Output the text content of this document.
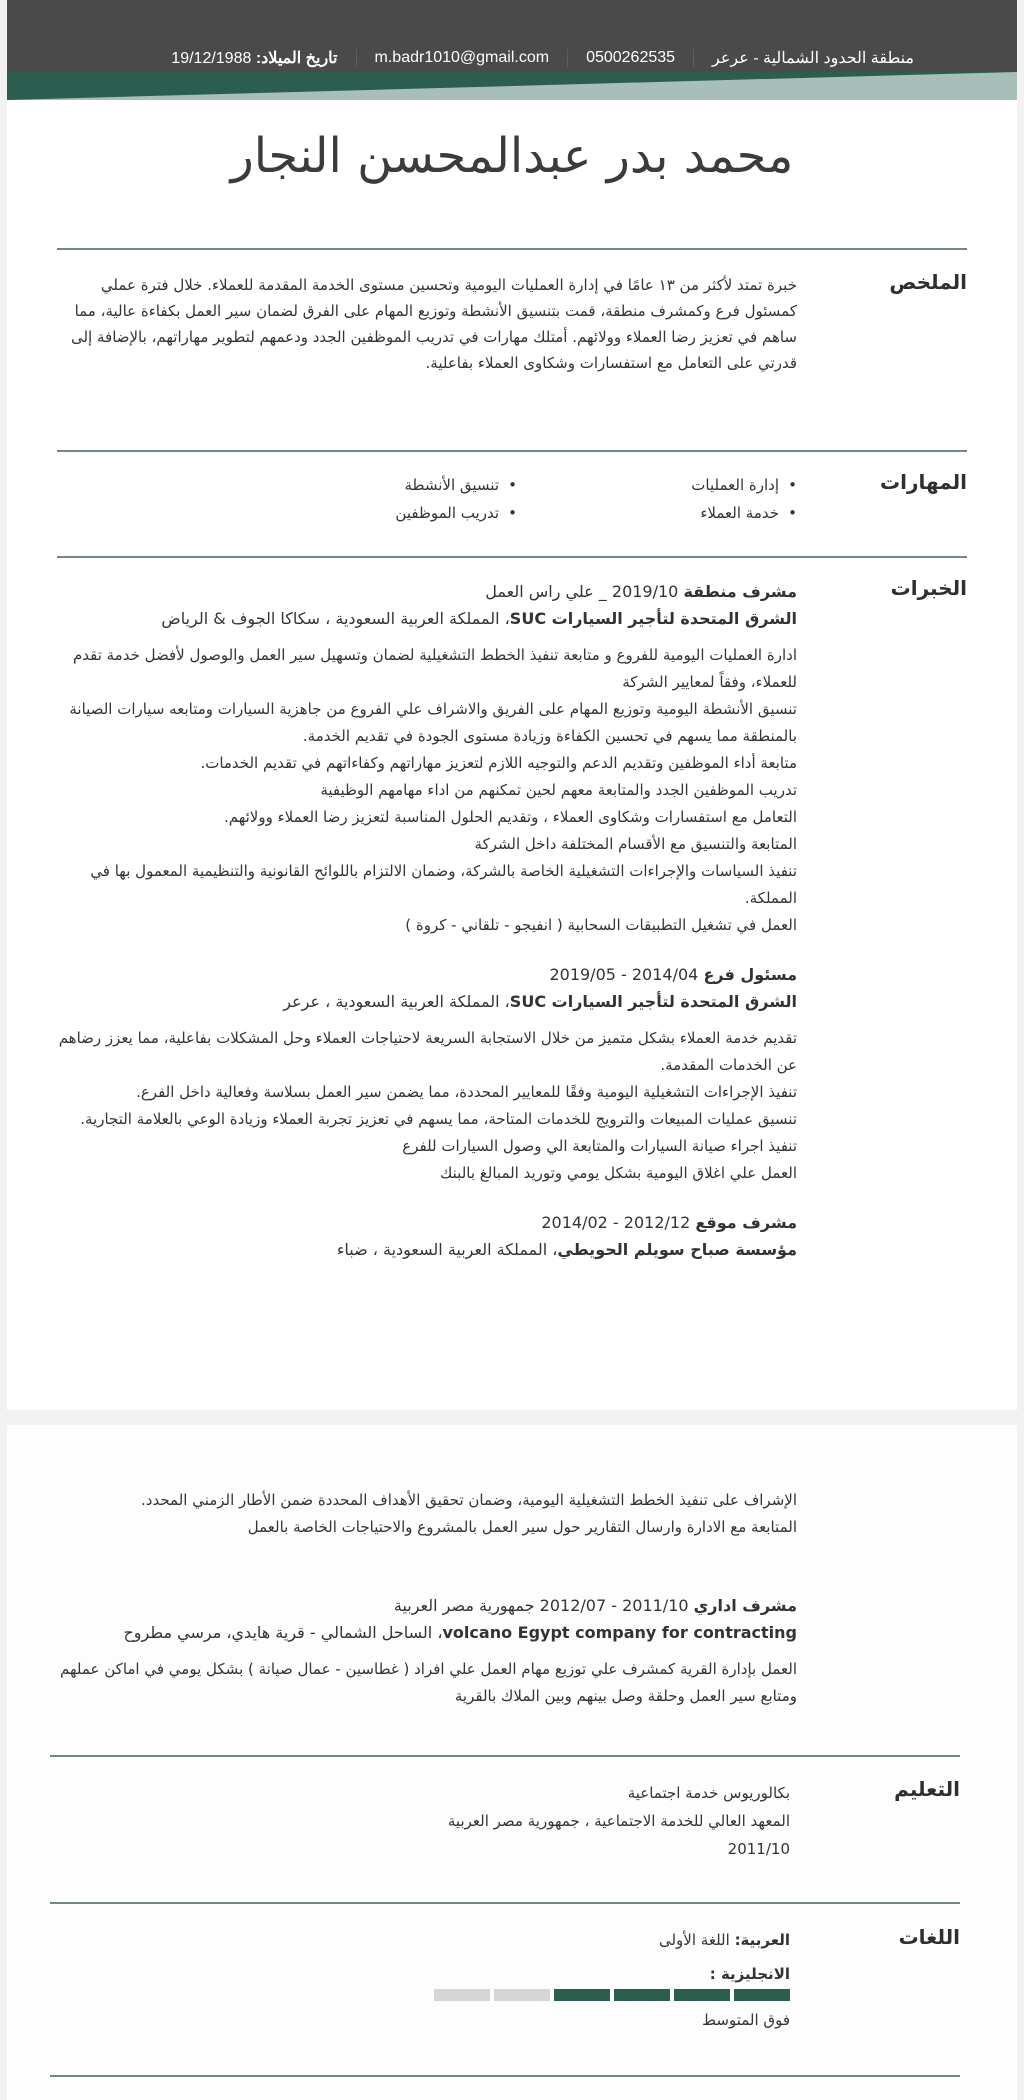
منطقة الحدود الشمالية - عرعر
0500262535
m.badr1010@gmail.com
تاريخ الميلاد: 19/12/1988
محمد بدر عبدالمحسن النجار
الملخص

خبرة تمتد لأكثر من ١٣ عامًا في إدارة العمليات اليومية وتحسين مستوى الخدمة المقدمة للعملاء. خلال فترة عملي كمسئول فرع وكمشرف منطقة، قمت بتنسيق الأنشطة وتوزيع المهام على الفرق لضمان سير العمل بكفاءة عالية، مما ساهم في تعزيز رضا العملاء وولائهم. أمتلك مهارات في تدريب الموظفين الجدد ودعمهم لتطوير مهاراتهم، بالإضافة إلى قدرتي على التعامل مع استفسارات وشكاوى العملاء بفاعلية.

المهارات
• إدارة العمليات
• تنسيق الأنشطة
• خدمة العملاء
• تدريب الموظفين
الخبرات
مشرف منطقة 2019/10 _ علي راس العمل
الشرق المتحدة لتأجير السيارات SUC، المملكة العربية السعودية ، سكاكا الجوف & الرياض

ادارة العمليات اليومية للفروع و متابعة تنفيذ الخطط التشغيلية لضمان وتسهيل سير العمل والوصول لأفضل خدمة تقدم للعملاء، وفقاً لمعايير الشركة

تنسيق الأنشطة اليومية وتوزيع المهام على الفريق والاشراف علي الفروع من جاهزية السيارات ومتابعه سيارات الصيانة بالمنطقة مما يسهم في تحسين الكفاءة وزيادة مستوى الجودة في تقديم الخدمة.

متابعة أداء الموظفين وتقديم الدعم والتوجيه اللازم لتعزيز مهاراتهم وكفاءاتهم في تقديم الخدمات.

تدريب الموظفين الجدد والمتابعة معهم لحين تمكنهم من اداء مهامهم الوظيفية

التعامل مع استفسارات وشكاوى العملاء ، وتقديم الحلول المناسبة لتعزيز رضا العملاء وولائهم.

المتابعة والتنسيق مع الأقسام المختلفة داخل الشركة

تنفيذ السياسات والإجراءات التشغيلية الخاصة بالشركة، وضمان الالتزام باللوائح القانونية والتنظيمية المعمول بها في المملكة.

العمل في تشغيل التطبيقات السحابية ( انفيجو - تلقاني - كروة )

مسئول فرع 2014/04 - 2019/05
الشرق المتحدة لتأجير السيارات SUC، المملكة العربية السعودية ، عرعر

تقديم خدمة العملاء بشكل متميز من خلال الاستجابة السريعة لاحتياجات العملاء وحل المشكلات بفاعلية، مما يعزز رضاهم عن الخدمات المقدمة.

تنفيذ الإجراءات التشغيلية اليومية وفقًا للمعايير المحددة، مما يضمن سير العمل بسلاسة وفعالية داخل الفرع.

تنسيق عمليات المبيعات والترويج للخدمات المتاحة، مما يسهم في تعزيز تجربة العملاء وزيادة الوعي بالعلامة التجارية.

تنفيذ اجراء صيانة السيارات والمتابعة الي وصول السيارات للفرع

العمل علي اغلاق اليومية بشكل يومي وتوريد المبالغ بالبنك

مشرف موقع 2012/12 - 2014/02
مؤسسة صباح سويلم الحويطي، المملكة العربية السعودية ، ضباء

الإشراف على تنفيذ الخطط التشغيلية اليومية، وضمان تحقيق الأهداف المحددة ضمن الأطار الزمني المحدد.

المتابعة مع الادارة وارسال التقارير حول سير العمل بالمشروع والاحتياجات الخاصة بالعمل

مشرف اداري 2011/10 - 2012/07 جمهورية مصر العربية
volcano Egypt company for contracting، الساحل الشمالي - قرية هايدي، مرسي مطروح

العمل بإدارة القرية كمشرف علي توزيع مهام العمل علي افراد ( غطاسين - عمال صيانة ) بشكل يومي في اماكن عملهم ومتابع سير العمل وحلقة وصل بينهم وبين الملاك بالقرية

التعليم

بكالوريوس خدمة اجتماعية

المعهد العالي للخدمة الاجتماعية ، جمهورية مصر العربية

2011/10

اللغات

العربية: اللغة الأولى

الانجليزية :

فوق المتوسط
